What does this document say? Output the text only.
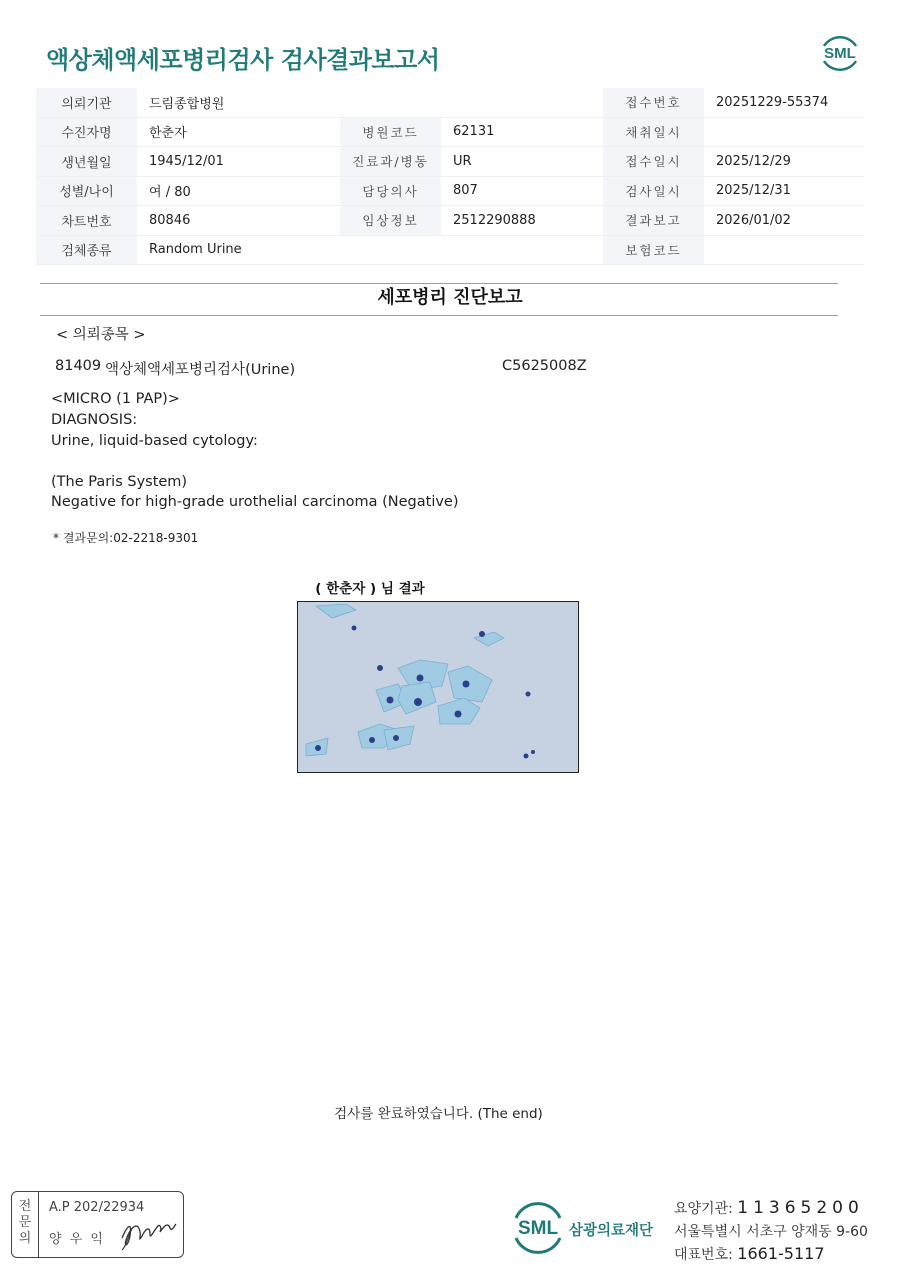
액상체액세포병리검사 검사결과보고서	SML
의뢰기관	드림종합병원			접수번호	20251229-55374
수진자명	한춘자	병원코드	62131	채취일시	
생년월일	1945/12/01	진료과/병동	UR	접수일시	2025/12/29
성별/나이	여 / 80	담당의사	807	검사일시	2025/12/31
차트번호	80846	임상정보	2512290888	결과보고	2026/01/02
검체종류	Random Urine			보험코드	
세포병리 진단보고
< 의뢰종목 >
81409 액상체액세포병리검사(Urine)	C5625008Z
<MICRO (1 PAP)>
DIAGNOSIS:
Urine, liquid-based cytology:
(The Paris System)
Negative for high-grade urothelial carcinoma (Negative)
* 결과문의:02-2218-9301
( 한춘자 ) 님 결과
검사를 완료하였습니다. (The end)
전
문
의
A.P 202/22934
양 우 익
SML 삼광의료재단
요양기관: 11365200
서울특별시 서초구 양재동 9-60
대표번호: 1661-5117
